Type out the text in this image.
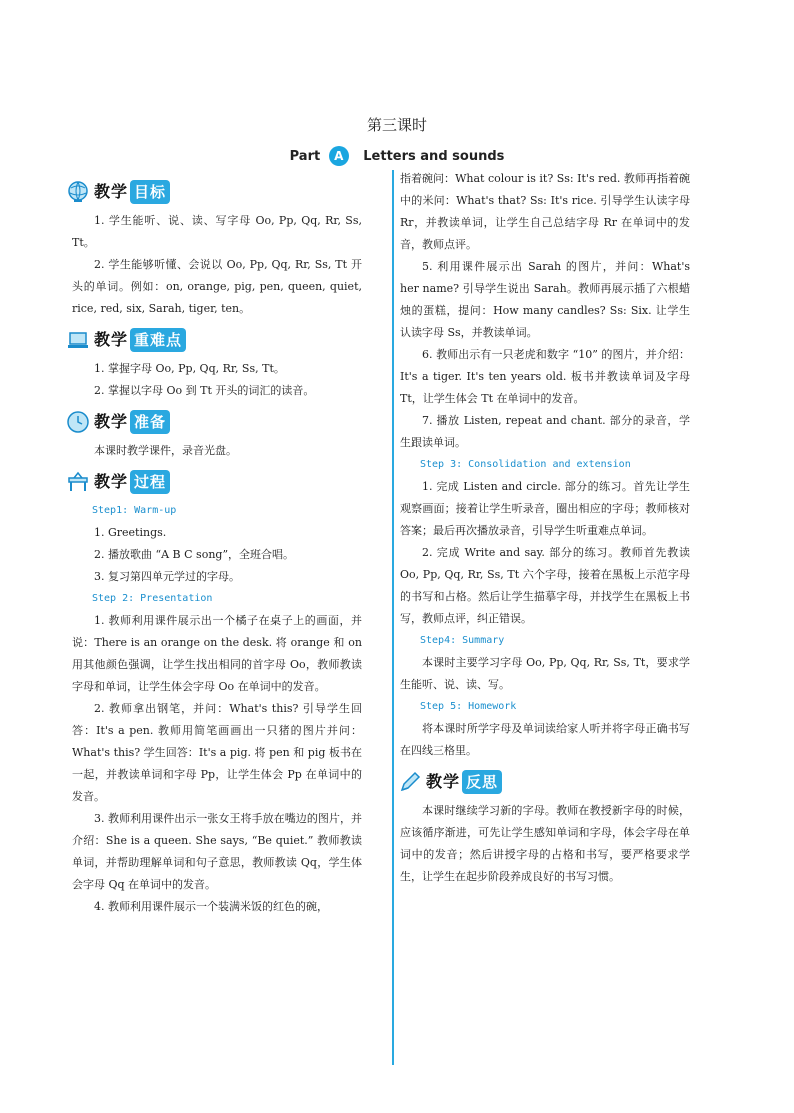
第三课时
Part A Letters and sounds
教学 目标

1. 学生能听、说、读、写字母 Oo, Pp, Qq, Rr, Ss, Tt。

2. 学生能够听懂、会说以 Oo, Pp, Qq, Rr, Ss, Tt 开头的单词。例如：on, orange, pig, pen, queen, quiet, rice, red, six, Sarah, tiger, ten。

教学 重难点

1. 掌握字母 Oo, Pp, Qq, Rr, Ss, Tt。

2. 掌握以字母 Oo 到 Tt 开头的词汇的读音。

教学 准备

本课时教学课件，录音光盘。

教学 过程

Step1: Warm-up

1. Greetings.

2. 播放歌曲 “A B C song”，全班合唱。

3. 复习第四单元学过的字母。

Step 2: Presentation

1. 教师利用课件展示出一个橘子在桌子上的画面，并说：There is an orange on the desk. 将 orange 和 on 用其他颜色强调，让学生找出相同的首字母 Oo，教师教读字母和单词，让学生体会字母 Oo 在单词中的发音。

2. 教师拿出钢笔，并问：What's this? 引导学生回答：It's a pen. 教师用简笔画画出一只猪的图片并问：What's this? 学生回答：It's a pig. 将 pen 和 pig 板书在一起，并教读单词和字母 Pp，让学生体会 Pp 在单词中的发音。

3. 教师利用课件出示一张女王将手放在嘴边的图片，并介绍：She is a queen. She says, “Be quiet.” 教师教读单词，并帮助理解单词和句子意思，教师教读 Qq，学生体会字母 Qq 在单词中的发音。

4. 教师利用课件展示一个装满米饭的红色的碗，

指着碗问：What colour is it? Ss: It's red. 教师再指着碗中的米问：What's that? Ss: It's rice. 引导学生认读字母 Rr，并教读单词，让学生自己总结字母 Rr 在单词中的发音，教师点评。

5. 利用课件展示出 Sarah 的图片，并问：What's her name? 引导学生说出 Sarah。教师再展示插了六根蜡烛的蛋糕，提问：How many candles? Ss: Six. 让学生认读字母 Ss，并教读单词。

6. 教师出示有一只老虎和数字 “10” 的图片，并介绍：It's a tiger. It's ten years old. 板书并教读单词及字母 Tt，让学生体会 Tt 在单词中的发音。

7. 播放 Listen, repeat and chant. 部分的录音，学生跟读单词。

Step 3: Consolidation and extension

1. 完成 Listen and circle. 部分的练习。首先让学生观察画面；接着让学生听录音，圈出相应的字母；教师核对答案；最后再次播放录音，引导学生听重难点单词。

2. 完成 Write and say. 部分的练习。教师首先教读 Oo, Pp, Qq, Rr, Ss, Tt 六个字母，接着在黑板上示范字母的书写和占格。然后让学生描摹字母，并找学生在黑板上书写，教师点评，纠正错误。

Step4: Summary

本课时主要学习字母 Oo, Pp, Qq, Rr, Ss, Tt，要求学生能听、说、读、写。

Step 5: Homework

将本课时所学字母及单词读给家人听并将字母正确书写在四线三格里。

教学 反思

本课时继续学习新的字母。教师在教授新字母的时候，应该循序渐进，可先让学生感知单词和字母，体会字母在单词中的发音；然后讲授字母的占格和书写，要严格要求学生，让学生在起步阶段养成良好的书写习惯。
